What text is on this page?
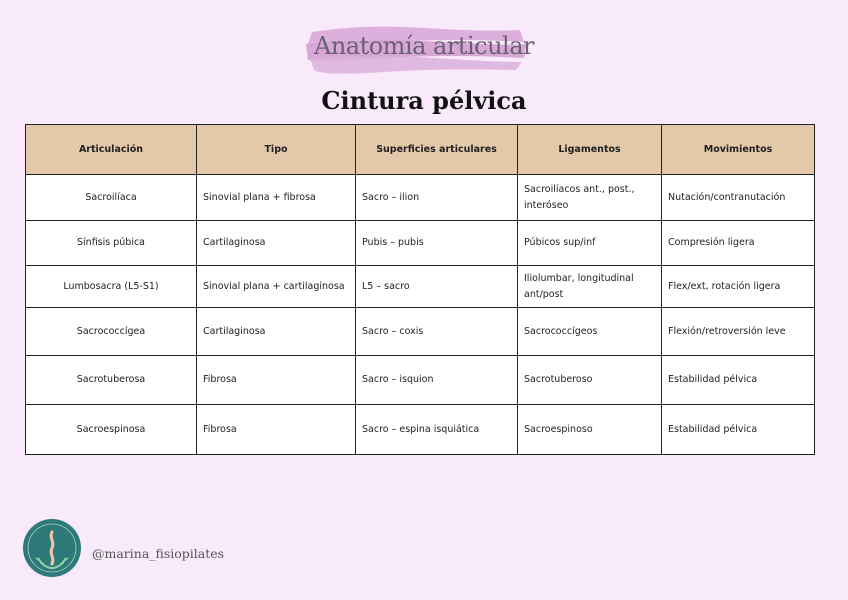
Anatomía articular
Cintura pélvica
Articulación	Tipo	Superficies articulares	Ligamentos	Movimientos
Sacroilíaca	Sinovial plana + fibrosa	Sacro – ilion	Sacroilíacos ant., post., interóseo	Nutación/contranutación
Sínfisis púbica	Cartilaginosa	Pubis – pubis	Púbicos sup/inf	Compresión ligera
Lumbosacra (L5-S1)	Sinovial plana + cartilaginosa	L5 – sacro	Iliolumbar, longitudinal ant/post	Flex/ext, rotación ligera
Sacrococcígea	Cartilaginosa	Sacro – coxis	Sacrococcígeos	Flexión/retroversión leve
Sacrotuberosa	Fibrosa	Sacro – isquion	Sacrotuberoso	Estabilidad pélvica
Sacroespinosa	Fibrosa	Sacro – espina isquiática	Sacroespinoso	Estabilidad pélvica
@marina_fisiopilates
